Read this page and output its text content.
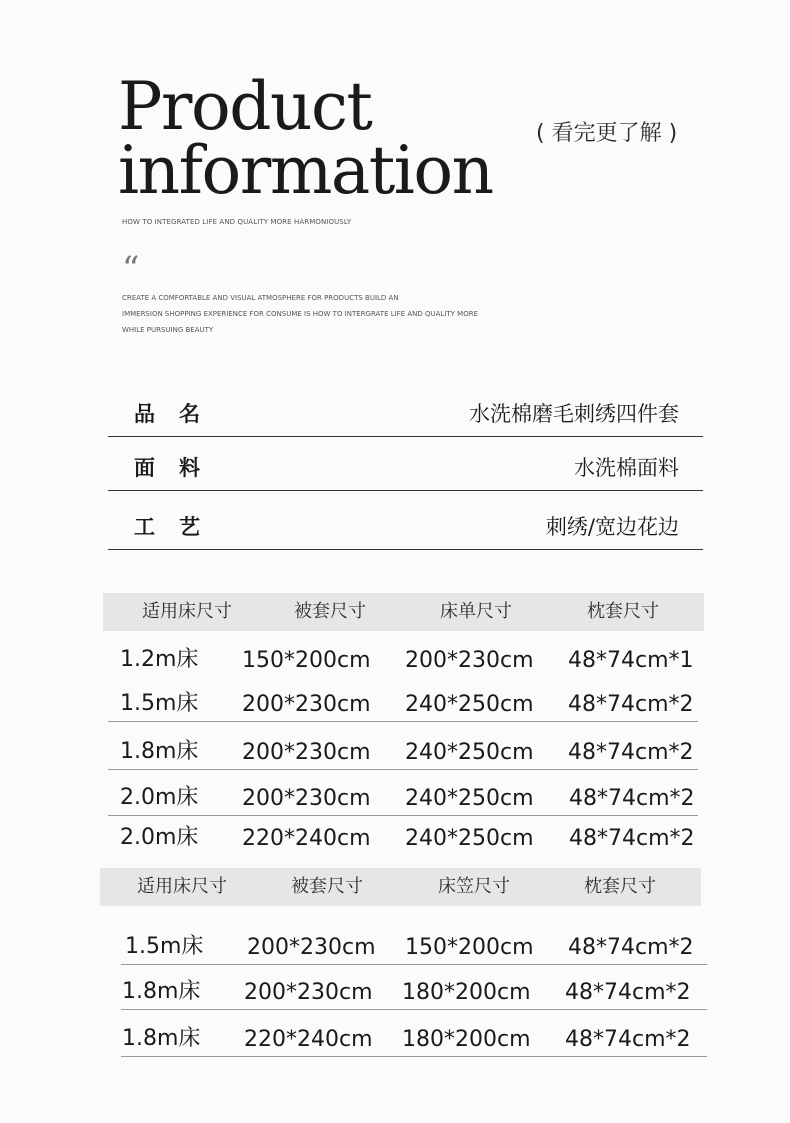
Product
information ( 看完更了解 )
HOW TO INTEGRATED LIFE AND QUALITY MORE HARMONIOUSLY
“
CREATE A COMFORTABLE AND VISUAL ATMOSPHERE FOR PRODUCTS BUILD AN
IMMERSION SHOPPING EXPERIENCE FOR CONSUME IS HOW TO INTERGRATE LIFE AND QUALITY MORE
WHILE PURSUING BEAUTY
品名	水洗棉磨毛刺绣四件套
面料	水洗棉面料
工艺	刺绣/宽边花边
适用床尺寸	被套尺寸	床单尺寸	枕套尺寸
1.2m床 150*200cm 200*230cm 48*74cm*1
1.5m床 200*230cm 240*250cm 48*74cm*2
1.8m床 200*230cm 240*250cm 48*74cm*2
2.0m床 200*230cm 240*250cm 48*74cm*2
2.0m床 220*240cm 240*250cm 48*74cm*2
适用床尺寸	被套尺寸	床笠尺寸	枕套尺寸
1.5m床 200*230cm 150*200cm 48*74cm*2
1.8m床 200*230cm 180*200cm 48*74cm*2
1.8m床 220*240cm 180*200cm 48*74cm*2
